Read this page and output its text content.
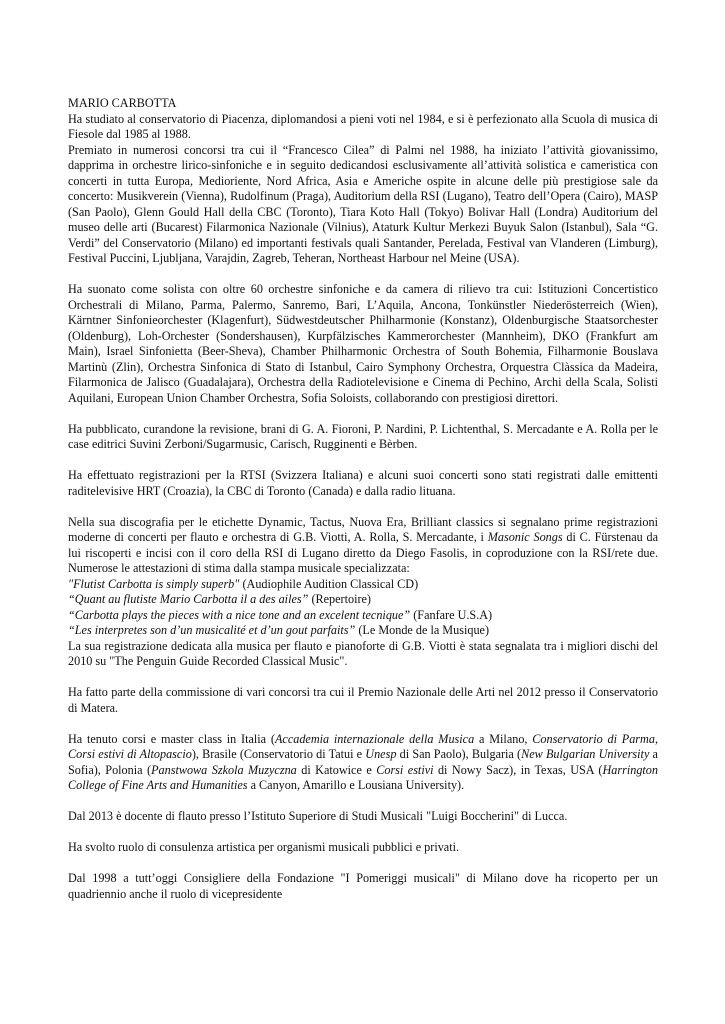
MARIO CARBOTTA

Ha studiato al conservatorio di Piacenza, diplomandosi a pieni voti nel 1984, e si è perfezionato alla Scuola di musica di Fiesole dal 1985 al 1988.

Premiato in numerosi concorsi tra cui il “Francesco Cilea” di Palmi nel 1988, ha iniziato l’attività giovanissimo, dapprima in orchestre lirico-sinfoniche e in seguito dedicandosi esclusivamente all’attività solistica e cameristica con concerti in tutta Europa, Medioriente, Nord Africa, Asia e Americhe ospite in alcune delle più prestigiose sale da concerto: Musikverein (Vienna), Rudolfinum (Praga), Auditorium della RSI (Lugano), Teatro dell’Opera (Cairo), MASP (San Paolo), Glenn Gould Hall della CBC (Toronto), Tiara Koto Hall (Tokyo) Bolivar Hall (Londra) Auditorium del museo delle arti (Bucarest) Filarmonica Nazionale (Vilnius), Ataturk Kultur Merkezi Buyuk Salon (Istanbul), Sala “G. Verdi” del Conservatorio (Milano) ed importanti festivals quali Santander, Perelada, Festival van Vlanderen (Limburg), Festival Puccini, Ljubljana, Varajdin, Zagreb, Teheran, Northeast Harbour nel Meine (USA).

Ha suonato come solista con oltre 60 orchestre sinfoniche e da camera di rilievo tra cui: Istituzioni Concertistico Orchestrali di Milano, Parma, Palermo, Sanremo, Bari, L’Aquila, Ancona, Tonkünstler Niederösterreich (Wien), Kärntner Sinfonieorchester (Klagenfurt), Südwestdeutscher Philharmonie (Konstanz), Oldenburgische Staatsorchester (Oldenburg), Loh-Orchester (Sondershausen), Kurpfälzisches Kammerorchester (Mannheim), DKO (Frankfurt am Main), Israel Sinfonietta (Beer-Sheva), Chamber Philharmonic Orchestra of South Bohemia, Filharmonie Bouslava Martinù (Zlin), Orchestra Sinfonica di Stato di Istanbul, Cairo Symphony Orchestra, Orquestra Clàssica da Madeira, Filarmonica de Jalisco (Guadalajara), Orchestra della Radiotelevisione e Cinema di Pechino, Archi della Scala, Solisti Aquilani, European Union Chamber Orchestra, Sofia Soloists, collaborando con prestigiosi direttori.

Ha pubblicato, curandone la revisione, brani di G. A. Fioroni, P. Nardini, P. Lichtenthal, S. Mercadante e A. Rolla per le case editrici Suvini Zerboni/Sugarmusic, Carisch, Rugginenti e Bèrben.

Ha effettuato registrazioni per la RTSI (Svizzera Italiana) e alcuni suoi concerti sono stati registrati dalle emittenti raditelevisive HRT (Croazia), la CBC di Toronto (Canada) e dalla radio lituana.

Nella sua discografia per le etichette Dynamic, Tactus, Nuova Era, Brilliant classics si segnalano prime registrazioni moderne di concerti per flauto e orchestra di G.B. Viotti, A. Rolla, S. Mercadante, i Masonic Songs di C. Fürstenau da lui riscoperti e incisi con il coro della RSI di Lugano diretto da Diego Fasolis, in coproduzione con la RSI/rete due. Numerose le attestazioni di stima dalla stampa musicale specializzata:

"Flutist Carbotta is simply superb" (Audiophile Audition Classical CD)
“Quant au flutiste Mario Carbotta il a des ailes” (Repertoire)
“Carbotta plays the pieces with a nice tone and an excelent tecnique” (Fanfare U.S.A)
“Les interpretes son d’un musicalité et d’un gout parfaits” (Le Monde de la Musique)

La sua registrazione dedicata alla musica per flauto e pianoforte di G.B. Viotti è stata segnalata tra i migliori dischi del 2010 su "The Penguin Guide Recorded Classical Music".

Ha fatto parte della commissione di vari concorsi tra cui il Premio Nazionale delle Arti nel 2012 presso il Conservatorio di Matera.

Ha tenuto corsi e master class in Italia (Accademia internazionale della Musica a Milano, Conservatorio di Parma, Corsi estivi di Altopascio), Brasile (Conservatorio di Tatui e Unesp di San Paolo), Bulgaria (New Bulgarian University a Sofia), Polonia (Panstwowa Szkola Muzyczna di Katowice e Corsi estivi di Nowy Sacz), in Texas, USA (Harrington College of Fine Arts and Humanities a Canyon, Amarillo e Lousiana University).

Dal 2013 è docente di flauto presso l’Istituto Superiore di Studi Musicali "Luigi Boccherini" di Lucca.

Ha svolto ruolo di consulenza artistica per organismi musicali pubblici e privati.

Dal 1998 a tutt’oggi Consigliere della Fondazione "I Pomeriggi musicali" di Milano dove ha ricoperto per un quadriennio anche il ruolo di vicepresidente
